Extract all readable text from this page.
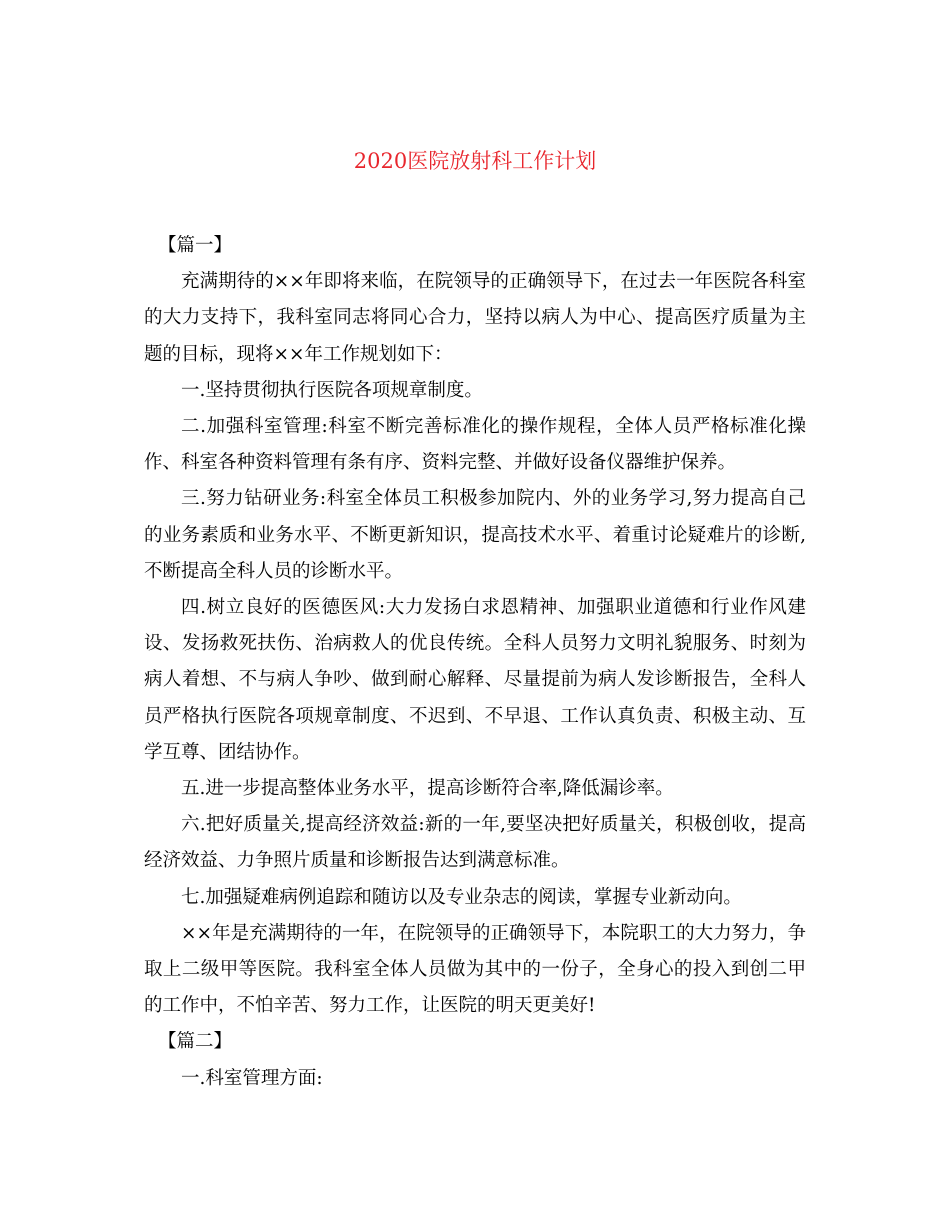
2020医院放射科工作计划

【篇一】

充满期待的××年即将来临，在院领导的正确领导下，在过去一年医院各科室的大力支持下，我科室同志将同心合力，坚持以病人为中心、提高医疗质量为主题的目标，现将××年工作规划如下：

一.坚持贯彻执行医院各项规章制度。

二.加强科室管理:科室不断完善标准化的操作规程，全体人员严格标准化操作、科室各种资料管理有条有序、资料完整、并做好设备仪器维护保养。

三.努力钻研业务:科室全体员工积极参加院内、外的业务学习,努力提高自己的业务素质和业务水平、不断更新知识，提高技术水平、着重讨论疑难片的诊断,不断提高全科人员的诊断水平。

四.树立良好的医德医风:大力发扬白求恩精神、加强职业道德和行业作风建设、发扬救死扶伤、治病救人的优良传统。全科人员努力文明礼貌服务、时刻为病人着想、不与病人争吵、做到耐心解释、尽量提前为病人发诊断报告，全科人员严格执行医院各项规章制度、不迟到、不早退、工作认真负责、积极主动、互学互尊、团结协作。

五.进一步提高整体业务水平，提高诊断符合率,降低漏诊率。

六.把好质量关,提高经济效益:新的一年,要坚决把好质量关，积极创收，提高经济效益、力争照片质量和诊断报告达到满意标准。

七.加强疑难病例追踪和随访以及专业杂志的阅读，掌握专业新动向。

××年是充满期待的一年，在院领导的正确领导下，本院职工的大力努力，争取上二级甲等医院。我科室全体人员做为其中的一份子，全身心的投入到创二甲的工作中，不怕辛苦、努力工作，让医院的明天更美好!

【篇二】

一.科室管理方面:
